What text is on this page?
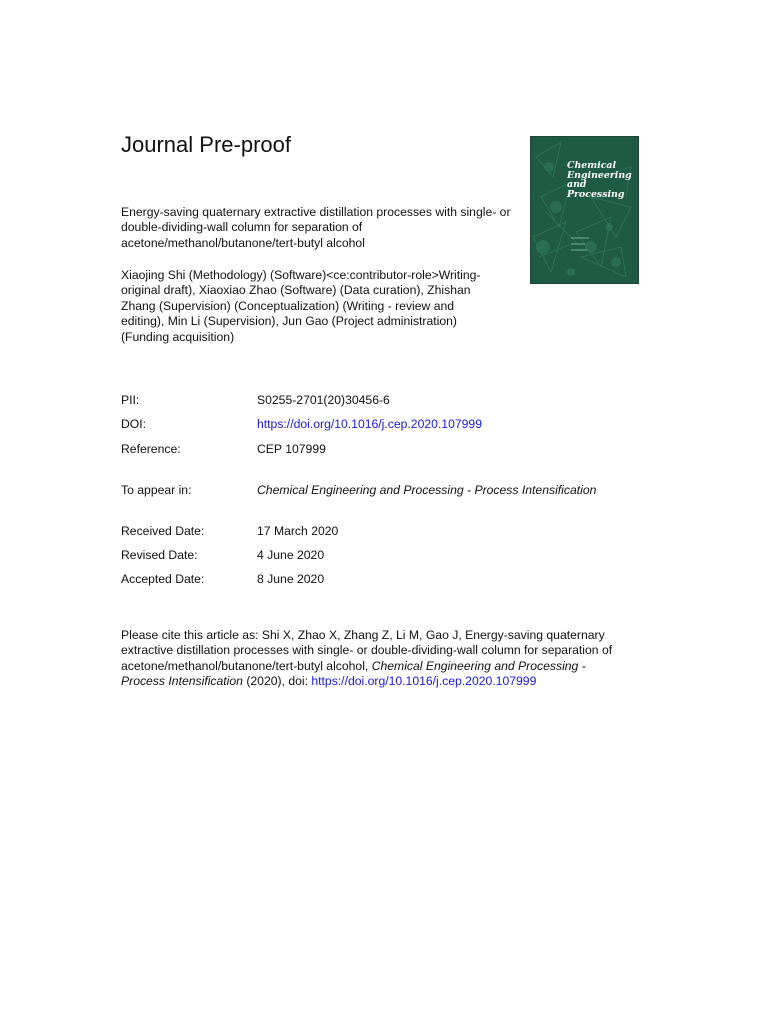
Journal Pre-proof
Energy-saving quaternary extractive distillation processes with single- or double-dividing-wall column for separation of acetone/methanol/butanone/tert-butyl alcohol
Xiaojing Shi (Methodology) (Software)<ce:contributor-role>Writing-original draft), Xiaoxiao Zhao (Software) (Data curation), Zhishan Zhang (Supervision) (Conceptualization) (Writing - review and editing), Min Li (Supervision), Jun Gao (Project administration) (Funding acquisition)
Chemical
Engineering
and
Processing
PII:	S0255-2701(20)30456-6
DOI:	https://doi.org/10.1016/j.cep.2020.107999
Reference:	CEP 107999
To appear in:	Chemical Engineering and Processing - Process Intensification
Received Date:	17 March 2020
Revised Date:	4 June 2020
Accepted Date:	8 June 2020
Please cite this article as: Shi X, Zhao X, Zhang Z, Li M, Gao J, Energy-saving quaternary extractive distillation processes with single- or double-dividing-wall column for separation of acetone/methanol/butanone/tert-butyl alcohol, Chemical Engineering and Processing - Process Intensification (2020), doi: https://doi.org/10.1016/j.cep.2020.107999
